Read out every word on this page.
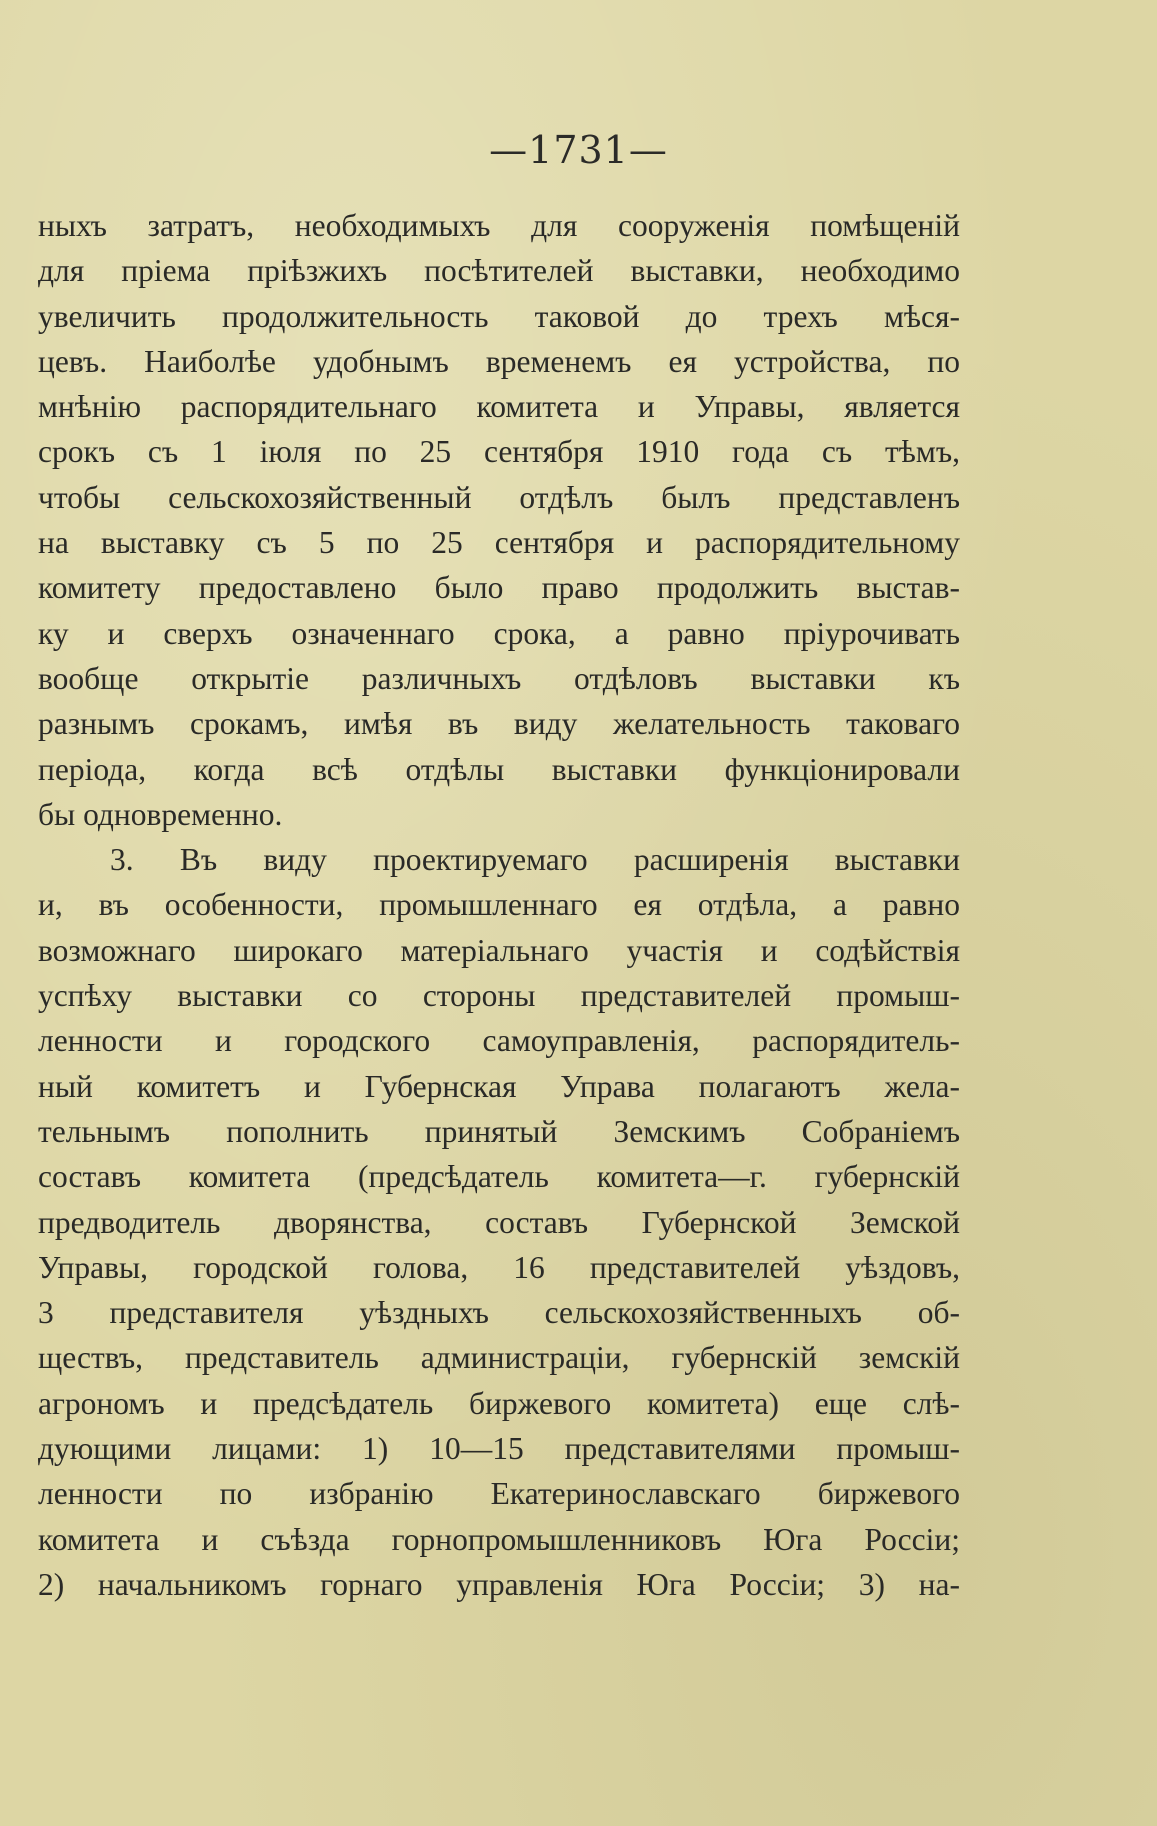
—1731—
ныхъ затратъ, необходимыхъ для сооруженія помѣщеній
для пріема пріѣзжихъ посѣтителей выставки, необходимо
увеличить продолжительность таковой до трехъ мѣся-
цевъ. Наиболѣе удобнымъ временемъ ея устройства, по
мнѣнію распорядительнаго комитета и Управы, является
срокъ съ 1 іюля по 25 сентября 1910 года съ тѣмъ,
чтобы сельскохозяйственный отдѣлъ былъ представленъ
на выставку съ 5 по 25 сентября и распорядительному
комитету предоставлено было право продолжить выстав-
ку и сверхъ означеннаго срока, а равно пріурочивать
вообще открытіе различныхъ отдѣловъ выставки къ
разнымъ срокамъ, имѣя въ виду желательность таковаго
періода, когда всѣ отдѣлы выставки функціонировали
бы одновременно.
3. Въ виду проектируемаго расширенія выставки
и, въ особенности, промышленнаго ея отдѣла, а равно
возможнаго широкаго матеріальнаго участія и содѣйствія
успѣху выставки со стороны представителей промыш-
ленности и городского самоуправленія, распорядитель-
ный комитетъ и Губернская Управа полагаютъ жела-
тельнымъ пополнить принятый Земскимъ Собраніемъ
составъ комитета (предсѣдатель комитета—г. губернскій
предводитель дворянства, составъ Губернской Земской
Управы, городской голова, 16 представителей уѣздовъ,
3 представителя уѣздныхъ сельскохозяйственныхъ об-
ществъ, представитель администраціи, губернскій земскій
агрономъ и предсѣдатель биржевого комитета) еще слѣ-
дующими лицами: 1) 10—15 представителями промыш-
ленности по избранію Екатеринославскаго биржевого
комитета и съѣзда горнопромышленниковъ Юга Россіи;
2) начальникомъ горнаго управленія Юга Россіи; 3) на-
